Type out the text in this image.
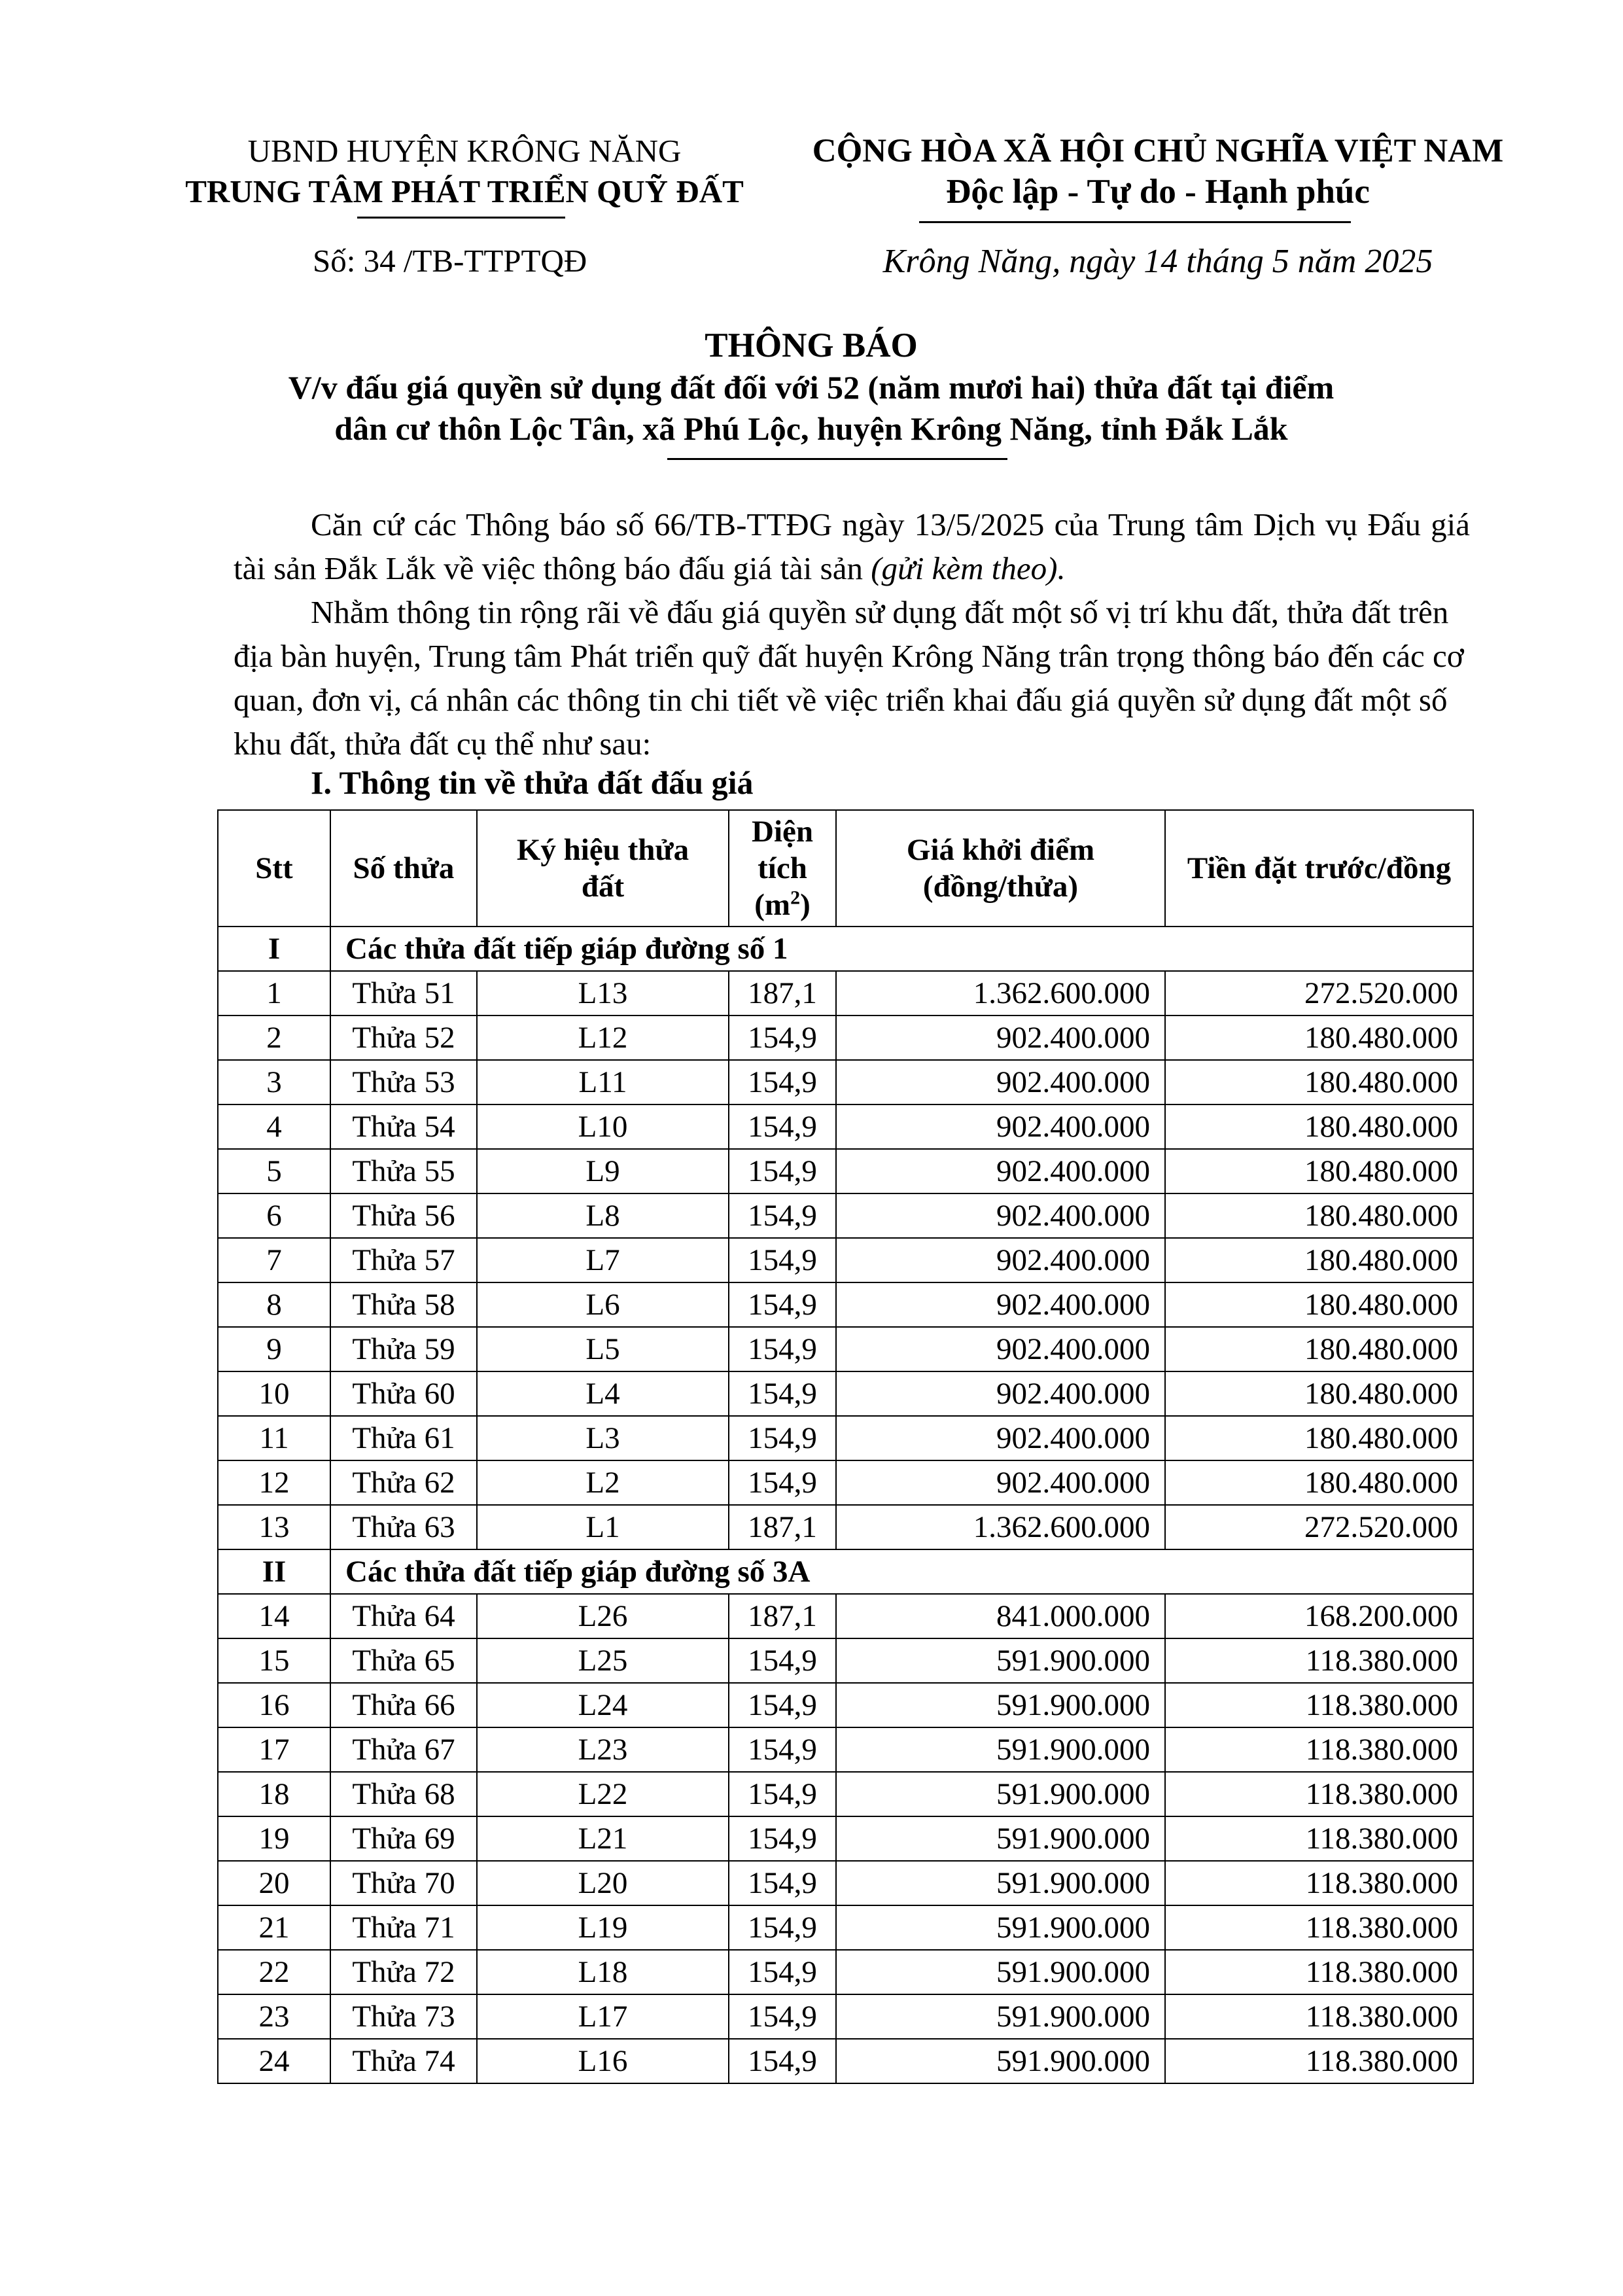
UBND HUYỆN KRÔNG NĂNG
TRUNG TÂM PHÁT TRIỂN QUỸ ĐẤT
CỘNG HÒA XÃ HỘI CHỦ NGHĨA VIỆT NAM
Độc lập - Tự do - Hạnh phúc
Số: 34 /TB-TTPTQĐ	Krông Năng, ngày 14 tháng 5 năm 2025
THÔNG BÁO
V/v đấu giá quyền sử dụng đất đối với 52 (năm mươi hai) thửa đất tại điểm
dân cư thôn Lộc Tân, xã Phú Lộc, huyện Krông Năng, tỉnh Đắk Lắk

Căn cứ các Thông báo số 66/TB-TTĐG ngày 13/5/2025 của Trung tâm Dịch vụ Đấu giá tài sản Đắk Lắk về việc thông báo đấu giá tài sản (gửi kèm theo).

Nhằm thông tin rộng rãi về đấu giá quyền sử dụng đất một số vị trí khu đất, thửa đất trên địa bàn huyện, Trung tâm Phát triển quỹ đất huyện Krông Năng trân trọng thông báo đến các cơ quan, đơn vị, cá nhân các thông tin chi tiết về việc triển khai đấu giá quyền sử dụng đất một số khu đất, thửa đất cụ thể như sau:

I. Thông tin về thửa đất đấu giá
Stt	Số thửa	Ký hiệu thửa đất	Diện tích $(m^2)$	Giá khởi điểm (đồng/thửa)	Tiền đặt trước/đồng
I	Các thửa đất tiếp giáp đường số 1				
1	Thửa 51	L13	187,1	1.362.600.000	272.520.000
2	Thửa 52	L12	154,9	902.400.000	180.480.000
3	Thửa 53	L11	154,9	902.400.000	180.480.000
4	Thửa 54	L10	154,9	902.400.000	180.480.000
5	Thửa 55	L9	154,9	902.400.000	180.480.000
6	Thửa 56	L8	154,9	902.400.000	180.480.000
7	Thửa 57	L7	154,9	902.400.000	180.480.000
8	Thửa 58	L6	154,9	902.400.000	180.480.000
9	Thửa 59	L5	154,9	902.400.000	180.480.000
10	Thửa 60	L4	154,9	902.400.000	180.480.000
11	Thửa 61	L3	154,9	902.400.000	180.480.000
12	Thửa 62	L2	154,9	902.400.000	180.480.000
13	Thửa 63	L1	187,1	1.362.600.000	272.520.000
II	Các thửa đất tiếp giáp đường số 3A				
14	Thửa 64	L26	187,1	841.000.000	168.200.000
15	Thửa 65	L25	154,9	591.900.000	118.380.000
16	Thửa 66	L24	154,9	591.900.000	118.380.000
17	Thửa 67	L23	154,9	591.900.000	118.380.000
18	Thửa 68	L22	154,9	591.900.000	118.380.000
19	Thửa 69	L21	154,9	591.900.000	118.380.000
20	Thửa 70	L20	154,9	591.900.000	118.380.000
21	Thửa 71	L19	154,9	591.900.000	118.380.000
22	Thửa 72	L18	154,9	591.900.000	118.380.000
23	Thửa 73	L17	154,9	591.900.000	118.380.000
24	Thửa 74	L16	154,9	591.900.000	118.380.000
